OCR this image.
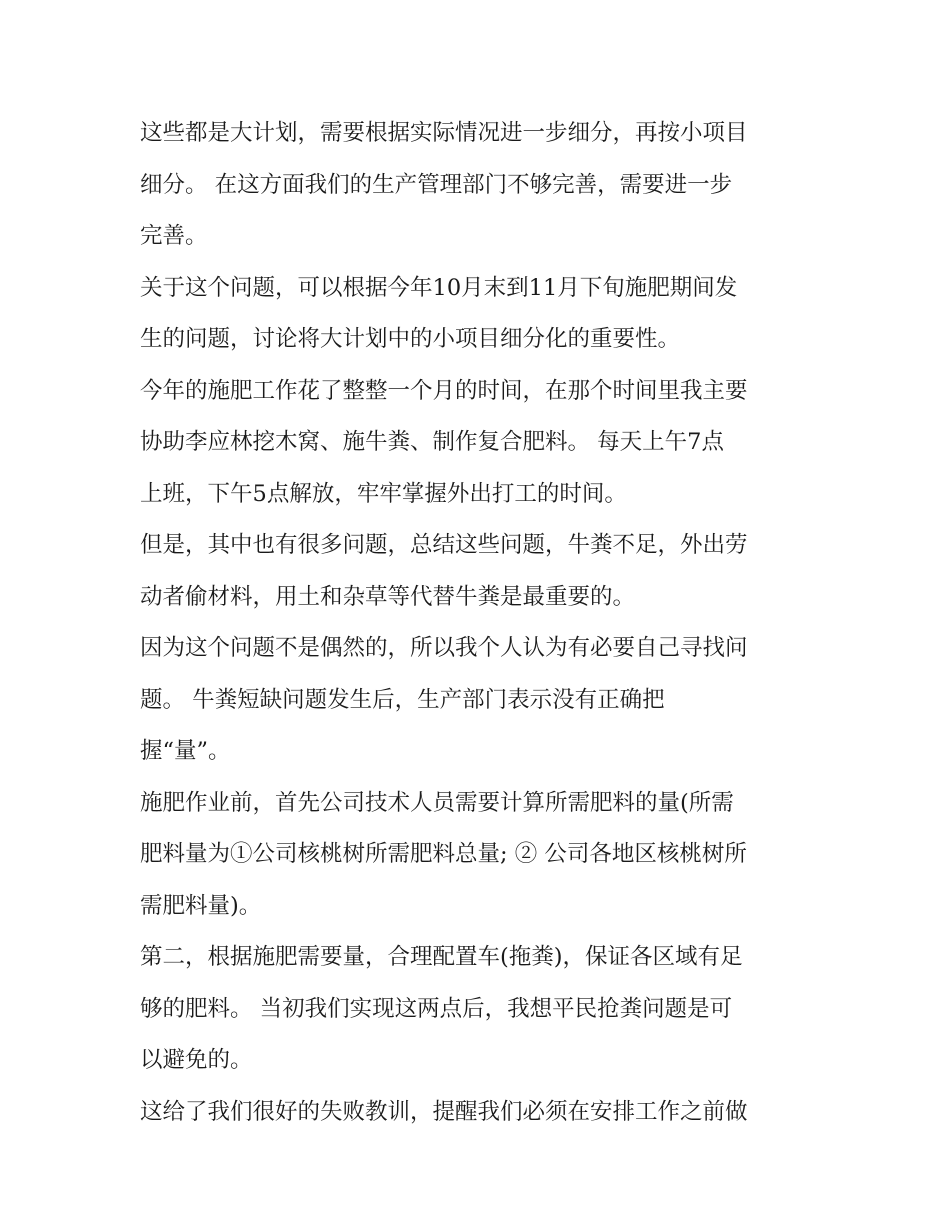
这些都是大计划，需要根据实际情况进一步细分，再按小项目
细分。 在这方面我们的生产管理部门不够完善，需要进一步
完善。
关于这个问题，可以根据今年10月末到11月下旬施肥期间发
生的问题，讨论将大计划中的小项目细分化的重要性。
今年的施肥工作花了整整一个月的时间，在那个时间里我主要
协助李应林挖木窝、施牛粪、制作复合肥料。 每天上午7点
上班，下午5点解放，牢牢掌握外出打工的时间。
但是，其中也有很多问题，总结这些问题，牛粪不足，外出劳
动者偷材料，用土和杂草等代替牛粪是最重要的。
因为这个问题不是偶然的，所以我个人认为有必要自己寻找问
题。 牛粪短缺问题发生后，生产部门表示没有正确把
握“量”。
施肥作业前，首先公司技术人员需要计算所需肥料的量(所需
肥料量为①公司核桃树所需肥料总量; ② 公司各地区核桃树所
需肥料量)。
第二，根据施肥需要量，合理配置车(拖粪)，保证各区域有足
够的肥料。 当初我们实现这两点后，我想平民抢粪问题是可
以避免的。
这给了我们很好的失败教训，提醒我们必须在安排工作之前做
